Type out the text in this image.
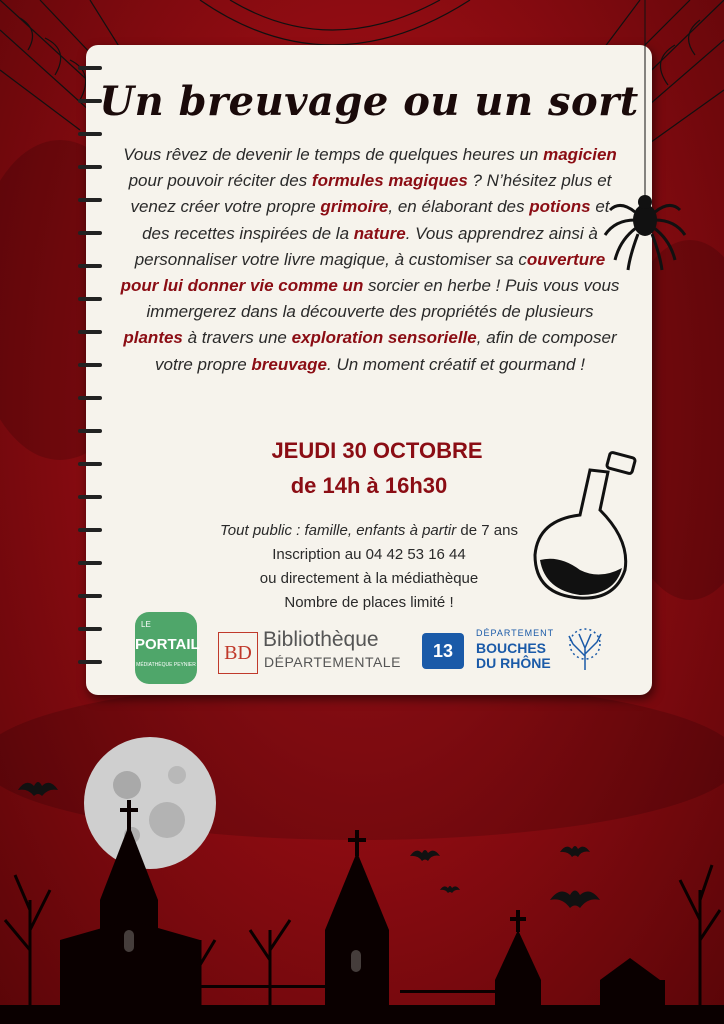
Un breuvage ou un sort
Vous rêvez de devenir le temps de quelques heures un magicien pour pouvoir réciter des formules magiques ? N’hésitez plus et venez créer votre propre grimoire, en élaborant des potions et des recettes inspirées de la nature. Vous apprendrez ainsi à personnaliser votre livre magique, à customiser sa couverture pour lui donner vie comme un sorcier en herbe ! Puis vous vous immergerez dans la découverte des propriétés de plusieurs plantes à travers une exploration sensorielle, afin de composer votre propre breuvage. Un moment créatif et gourmand !
JEUDI 30 OCTOBRE
de 14h à 16h30
Tout public : famille, enfants à partir de 7 ans
Inscription au 04 42 53 16 44
ou directement à la médiathèque
Nombre de places limité !
LE
PORTAIL
MÉDIATHÈQUE PEYNIER
BD
Bibliothèque
DÉPARTEMENTALE
13
DÉPARTEMENT
BOUCHES
DU RHÔNE
